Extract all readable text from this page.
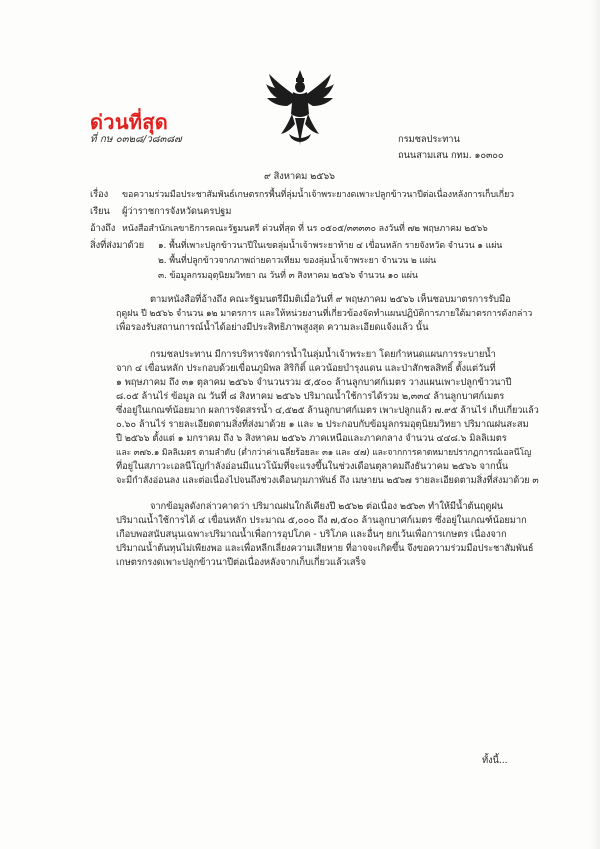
ด่วนที่สุด
ที่ กษ ๐๓๒๘/ว๘๓๘๗	กรมชลประทาน
ถนนสามเสน กทม. ๑๐๓๐๐
๙ สิงหาคม ๒๕๖๖
เรื่อง ขอความร่วมมือประชาสัมพันธ์เกษตรกรพื้นที่ลุ่มน้ำเจ้าพระยางดเพาะปลูกข้าวนาปีต่อเนื่องหลังการเก็บเกี่ยว
เรียน ผู้ว่าราชการจังหวัดนครปฐม
อ้างถึง หนังสือสำนักเลขาธิการคณะรัฐมนตรี ด่วนที่สุด ที่ นร ๐๕๐๕/๓๓๓๓๐ ลงวันที่ ๗๒ พฤษภาคม ๒๕๖๖
สิ่งที่ส่งมาด้วย ๑. พื้นที่เพาะปลูกข้าวนาปีในเขตลุ่มน้ำเจ้าพระยาท้าย ๔ เขื่อนหลัก รายจังหวัด จำนวน ๑ แผ่น
๒. พื้นที่ปลูกข้าวจากภาพถ่ายดาวเทียม ของลุ่มน้ำเจ้าพระยา จำนวน ๒ แผ่น
๓. ข้อมูลกรมอุตุนิยมวิทยา ณ วันที่ ๓ สิงหาคม ๒๕๖๖ จำนวน ๑๐ แผ่น
ตามหนังสือที่อ้างถึง คณะรัฐมนตรีมีมติเมื่อวันที่ ๙ พฤษภาคม ๒๕๖๖ เห็นชอบมาตรการรับมือ
ฤดูฝน ปี ๒๕๖๖ จำนวน ๑๒ มาตรการ และให้หน่วยงานที่เกี่ยวข้องจัดทำแผนปฏิบัติการภายใต้มาตรการดังกล่าว
เพื่อรองรับสถานการณ์น้ำได้อย่างมีประสิทธิภาพสูงสุด ความละเอียดแจ้งแล้ว นั้น
กรมชลประทาน มีการบริหารจัดการน้ำในลุ่มน้ำเจ้าพระยา โดยกำหนดแผนการระบายน้ำ
จาก ๔ เขื่อนหลัก ประกอบด้วยเขื่อนภูมิพล สิริกิติ์ แควน้อยบำรุงแดน และป่าสักชลสิทธิ์ ตั้งแต่วันที่
๑ พฤษภาคม ถึง ๓๑ ตุลาคม ๒๕๖๖ จำนวนรวม ๕,๕๐๐ ล้านลูกบาศก์เมตร วางแผนเพาะปลูกข้าวนาปี
๘.๐๕ ล้านไร่ ข้อมูล ณ วันที่ ๘ สิงหาคม ๒๕๖๖ ปริมาณน้ำใช้การได้รวม ๒,๓๓๔ ล้านลูกบาศก์เมตร
ซึ่งอยู่ในเกณฑ์น้อยมาก ผลการจัดสรรน้ำ ๔,๕๒๕ ล้านลูกบาศก์เมตร เพาะปลูกแล้ว ๗.๙๕ ล้านไร่ เก็บเกี่ยวแล้ว
๐.๖๐ ล้านไร่ รายละเอียดตามสิ่งที่ส่งมาด้วย ๑ และ ๒ ประกอบกับข้อมูลกรมอุตุนิยมวิทยา ปริมาณฝนสะสม
ปี ๒๕๖๖ ตั้งแต่ ๑ มกราคม ถึง ๖ สิงหาคม ๒๕๖๖ ภาคเหนือและภาคกลาง จำนวน ๔๔๘.๖ มิลลิเมตร
และ ๓๗๖.๑ มิลลิเมตร ตามลำดับ (ต่ำกว่าค่าเฉลี่ยร้อยละ ๓๑ และ ๔๗) และจากการคาดหมายปรากฏการณ์เอลนีโญ
ที่อยู่ในสภาวะเอลนีโญกำลังอ่อนมีแนวโน้มที่จะแรงขึ้นในช่วงเดือนตุลาคมถึงธันวาคม ๒๕๖๖ จากนั้น
จะมีกำลังอ่อนลง และต่อเนื่องไปจนถึงช่วงเดือนกุมภาพันธ์ ถึง เมษายน ๒๕๖๗ รายละเอียดตามสิ่งที่ส่งมาด้วย ๓
จากข้อมูลดังกล่าวคาดว่า ปริมาณฝนใกล้เคียงปี ๒๕๖๒ ต่อเนื่อง ๒๕๖๓ ทำให้มีน้ำต้นฤดูฝน
ปริมาณน้ำใช้การได้ ๔ เขื่อนหลัก ประมาณ ๕,๐๐๐ ถึง ๗,๕๐๐ ล้านลูกบาศก์เมตร ซึ่งอยู่ในเกณฑ์น้อยมาก
เกือบพอสนับสนุนเฉพาะปริมาณน้ำเพื่อการอุปโภค - บริโภค และอื่นๆ ยกเว้นเพื่อการเกษตร เนื่องจาก
ปริมาณน้ำต้นทุนไม่เพียงพอ และเพื่อหลีกเลี่ยงความเสียหาย ที่อาจจะเกิดขึ้น จึงขอความร่วมมือประชาสัมพันธ์
เกษตรกรงดเพาะปลูกข้าวนาปีต่อเนื่องหลังจากเก็บเกี่ยวแล้วเสร็จ
ทั้งนี้...
